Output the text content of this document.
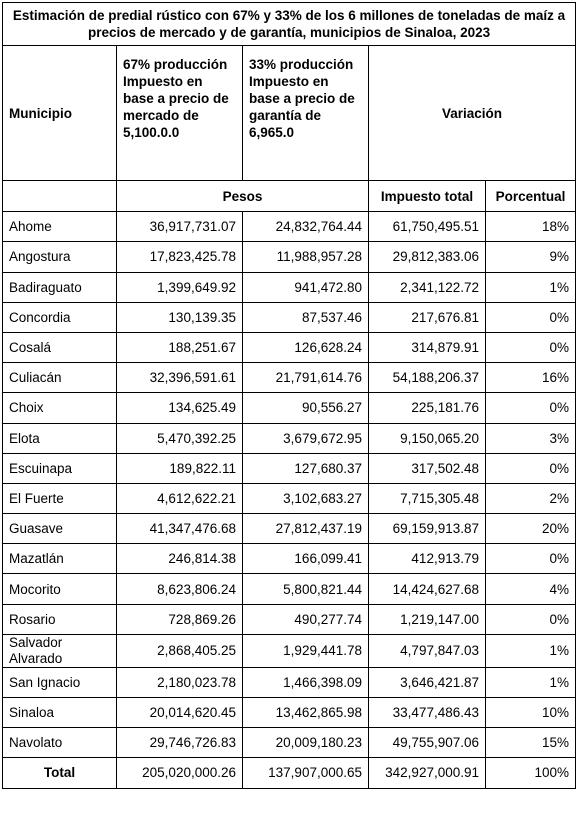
Estimación de predial rústico con 67% y 33% de los 6 millones de toneladas de maíz a precios de mercado y de garantía, municipios de Sinaloa, 2023				
Municipio	67% producción Impuesto en base a precio de mercado de 5,100.0.0	33% producción Impuesto en base a precio de garantía de 6,965.0	Variación	
	Pesos		Impuesto total	Porcentual
Ahome	36,917,731.07	24,832,764.44	61,750,495.51	18%
Angostura	17,823,425.78	11,988,957.28	29,812,383.06	9%
Badiraguato	1,399,649.92	941,472.80	2,341,122.72	1%
Concordia	130,139.35	87,537.46	217,676.81	0%
Cosalá	188,251.67	126,628.24	314,879.91	0%
Culiacán	32,396,591.61	21,791,614.76	54,188,206.37	16%
Choix	134,625.49	90,556.27	225,181.76	0%
Elota	5,470,392.25	3,679,672.95	9,150,065.20	3%
Escuinapa	189,822.11	127,680.37	317,502.48	0%
El Fuerte	4,612,622.21	3,102,683.27	7,715,305.48	2%
Guasave	41,347,476.68	27,812,437.19	69,159,913.87	20%
Mazatlán	246,814.38	166,099.41	412,913.79	0%
Mocorito	8,623,806.24	5,800,821.44	14,424,627.68	4%
Rosario	728,869.26	490,277.74	1,219,147.00	0%
Salvador Alvarado	2,868,405.25	1,929,441.78	4,797,847.03	1%
San Ignacio	2,180,023.78	1,466,398.09	3,646,421.87	1%
Sinaloa	20,014,620.45	13,462,865.98	33,477,486.43	10%
Navolato	29,746,726.83	20,009,180.23	49,755,907.06	15%
Total	205,020,000.26	137,907,000.65	342,927,000.91	100%
